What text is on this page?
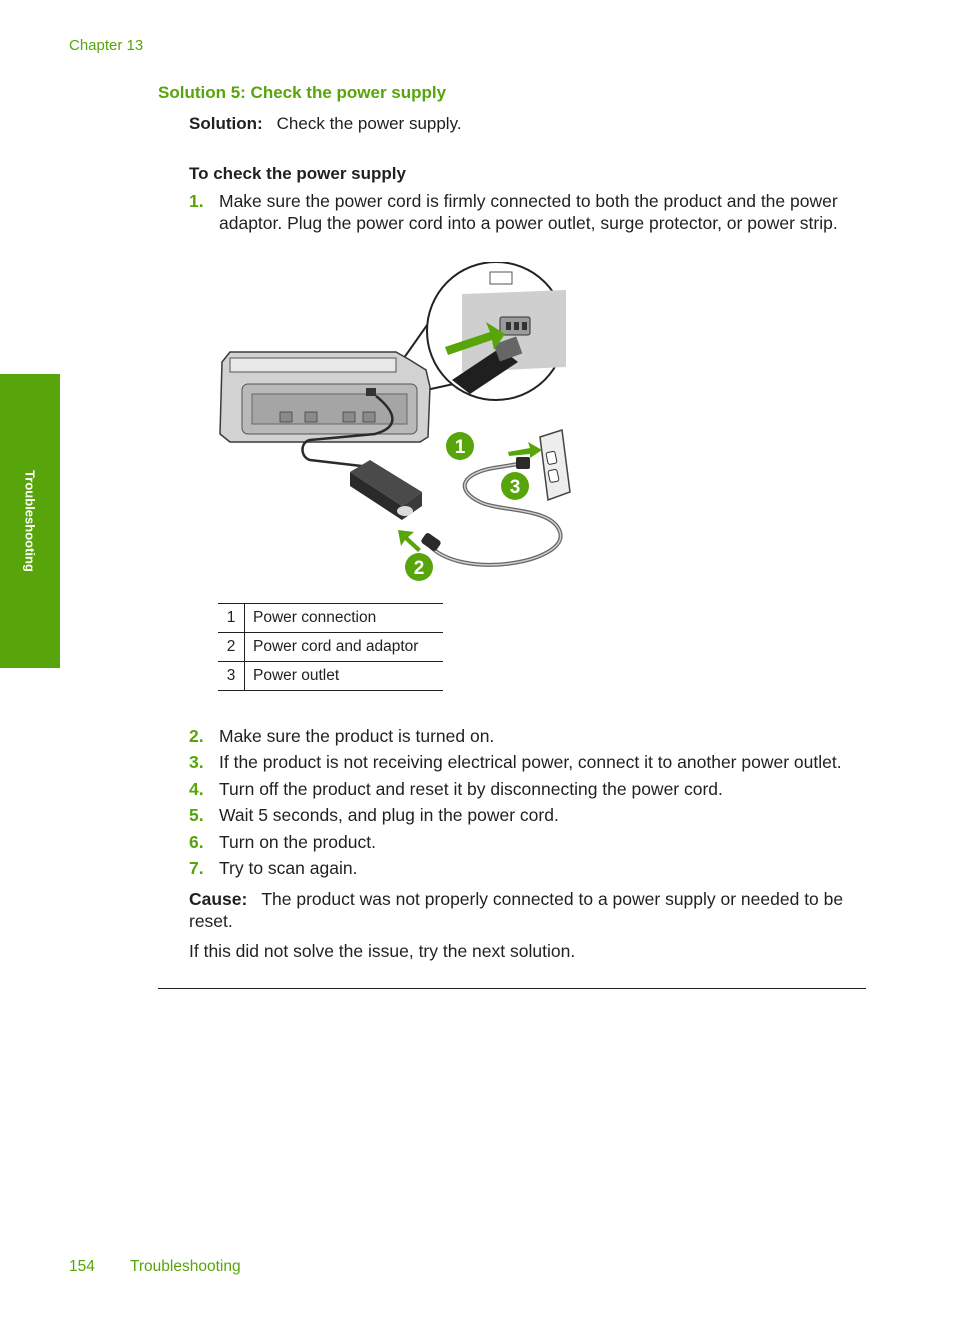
Chapter 13
Troubleshooting
Solution 5: Check the power supply
Solution: Check the power supply.
To check the power supply
1. Make sure the power cord is firmly connected to both the product and the power adaptor. Plug the power cord into a power outlet, surge protector, or power strip.
1
2
3
1	Power connection
2	Power cord and adaptor
3	Power outlet
2. Make sure the product is turned on.
3. If the product is not receiving electrical power, connect it to another power outlet.
4. Turn off the product and reset it by disconnecting the power cord.
5. Wait 5 seconds, and plug in the power cord.
6. Turn on the product.
7. Try to scan again.
Cause: The product was not properly connected to a power supply or needed to be reset.
If this did not solve the issue, try the next solution.
154 Troubleshooting
